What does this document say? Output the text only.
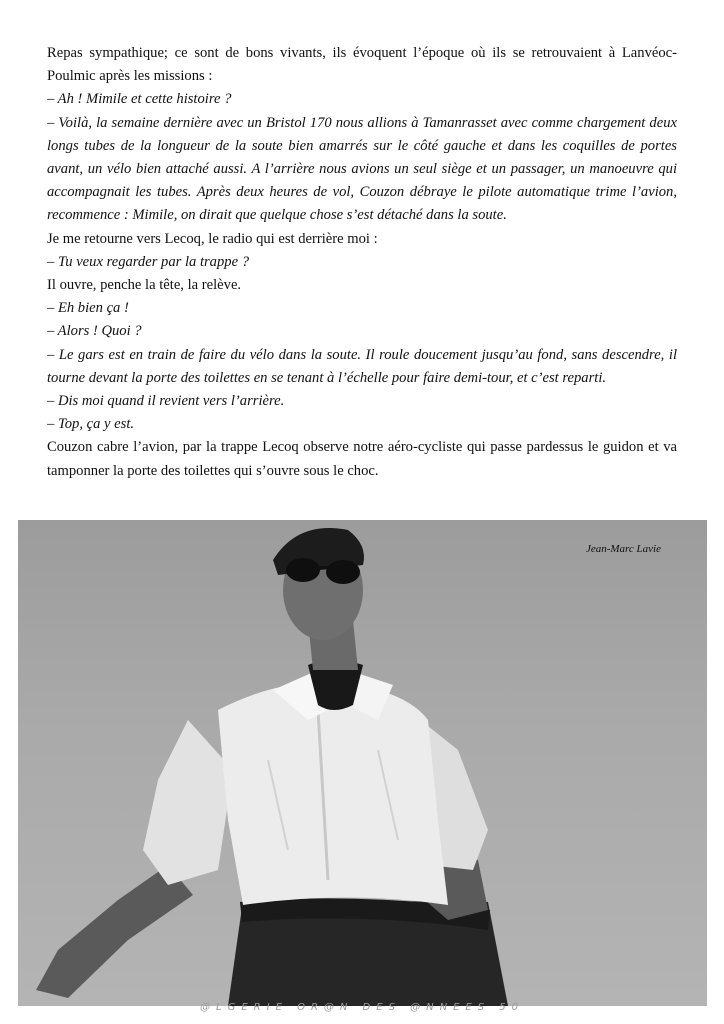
Repas sympathique; ce sont de bons vivants, ils évoquent l’époque où ils se retrouvaient à Lanvéoc-Poulmic après les missions :

– Ah ! Mimile et cette histoire ?

– Voilà, la semaine dernière avec un Bristol 170 nous allions à Tamanrasset avec comme chargement deux longs tubes de la longueur de la soute bien amarrés sur le côté gauche et dans les coquilles de portes avant, un vélo bien attaché aussi. A l’arrière nous avions un seul siège et un passager, un manoeuvre qui accompagnait les tubes. Après deux heures de vol, Couzon débraye le pilote automatique trime l’avion, recommence : Mimile, on dirait que quelque chose s’est détaché dans la soute.

Je me retourne vers Lecoq, le radio qui est derrière moi :

– Tu veux regarder par la trappe ?

Il ouvre, penche la tête, la relève.

– Eh bien ça !

– Alors ! Quoi ?

– Le gars est en train de faire du vélo dans la soute. Il roule doucement jusqu’au fond, sans descendre, il tourne devant la porte des toilettes en se tenant à l’échelle pour faire demi-tour, et c’est reparti.

– Dis moi quand il revient vers l’arrière.

– Top, ça y est.

Couzon cabre l’avion, par la trappe Lecoq observe notre aéro-cycliste qui passe pardessus le guidon et va tamponner la porte des toilettes qui s’ouvre sous le choc.

Jean-Marc Lavie
@LGERIE OR@N DES @NNEES 50
